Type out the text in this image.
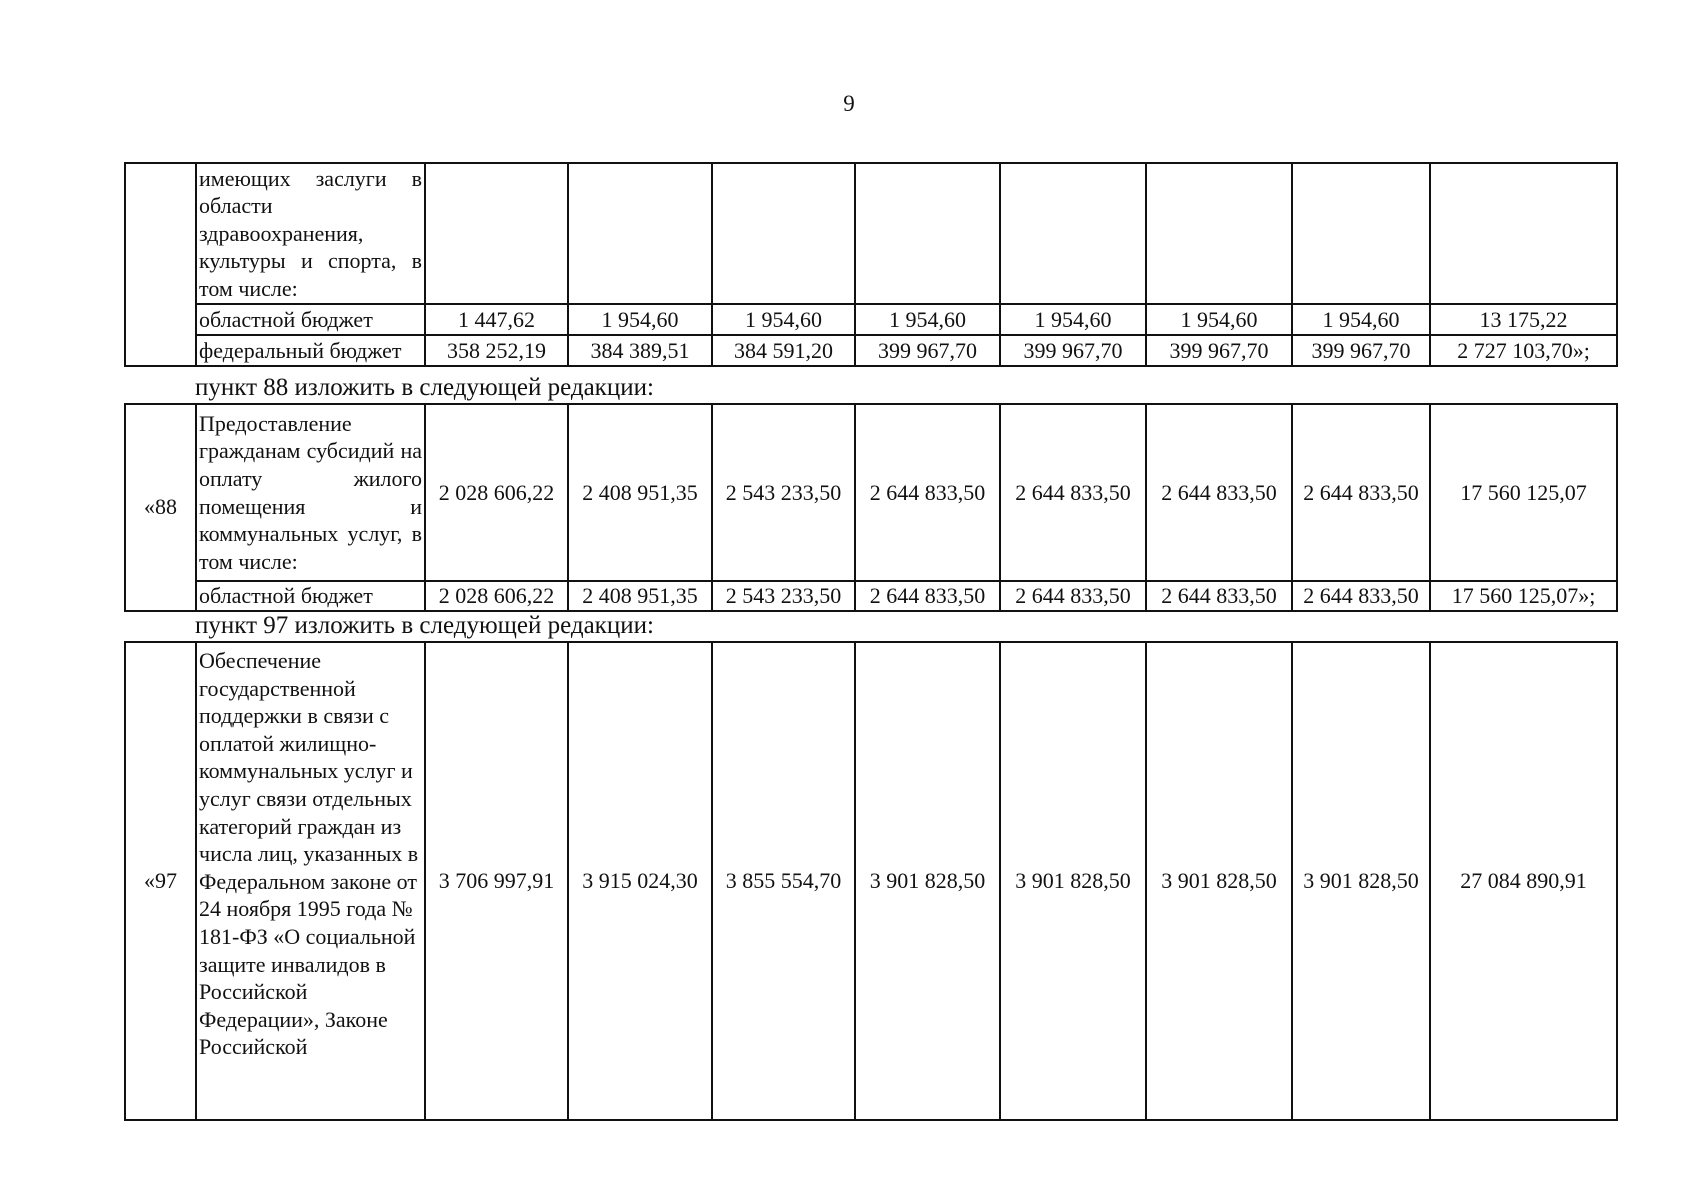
9
	имеющих заслуги в области здравоохранения, культуры и спорта, в том числе:								
	областной бюджет	1 447,62	1 954,60	1 954,60	1 954,60	1 954,60	1 954,60	1 954,60	13 175,22
	федеральный бюджет	358 252,19	384 389,51	384 591,20	399 967,70	399 967,70	399 967,70	399 967,70	2 727 103,70»;
пункт 88 изложить в следующей редакции:
«88	Предоставление гражданам субсидий на оплату жилого помещения и коммунальных услуг, в том числе:	2 028 606,22	2 408 951,35	2 543 233,50	2 644 833,50	2 644 833,50	2 644 833,50	2 644 833,50	17 560 125,07
	областной бюджет	2 028 606,22	2 408 951,35	2 543 233,50	2 644 833,50	2 644 833,50	2 644 833,50	2 644 833,50	17 560 125,07»;
пункт 97 изложить в следующей редакции:
«97	Обеспечение государственной поддержки в связи с оплатой жилищно-коммунальных услуг и услуг связи отдельных категорий граждан из числа лиц, указанных в Федеральном законе от 24 ноября 1995 года № 181-ФЗ «О социальной защите инвалидов в Российской Федерации», Законе Российской	3 706 997,91	3 915 024,30	3 855 554,70	3 901 828,50	3 901 828,50	3 901 828,50	3 901 828,50	27 084 890,91
